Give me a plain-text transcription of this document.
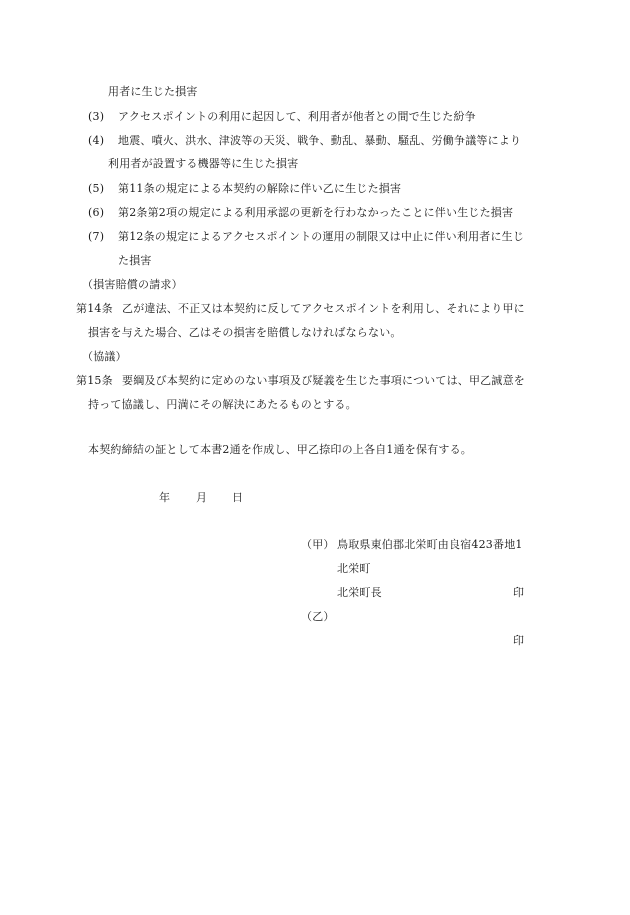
用者に生じた損害
(3) アクセスポイントの利用に起因して、利用者が他者との間で生じた紛争
(4) 地震、噴火、洪水、津波等の天災、戦争、動乱、暴動、騒乱、労働争議等により
利用者が設置する機器等に生じた損害
(5) 第11条の規定による本契約の解除に伴い乙に生じた損害
(6) 第2条第2項の規定による利用承認の更新を行わなかったことに伴い生じた損害
(7) 第12条の規定によるアクセスポイントの運用の制限又は中止に伴い利用者に生じ
た損害
（損害賠償の請求）
第14条 乙が違法、不正又は本契約に反してアクセスポイントを利用し、それにより甲に
損害を与えた場合、乙はその損害を賠償しなければならない。
（協議）
第15条 要綱及び本契約に定めのない事項及び疑義を生じた事項については、甲乙誠意を
持って協議し、円満にその解決にあたるものとする。
本契約締結の証として本書2通を作成し、甲乙捺印の上各自1通を保有する。
年 月 日
（甲） 鳥取県東伯郡北栄町由良宿423番地1
北栄町
北栄町長	印
（乙）
印
